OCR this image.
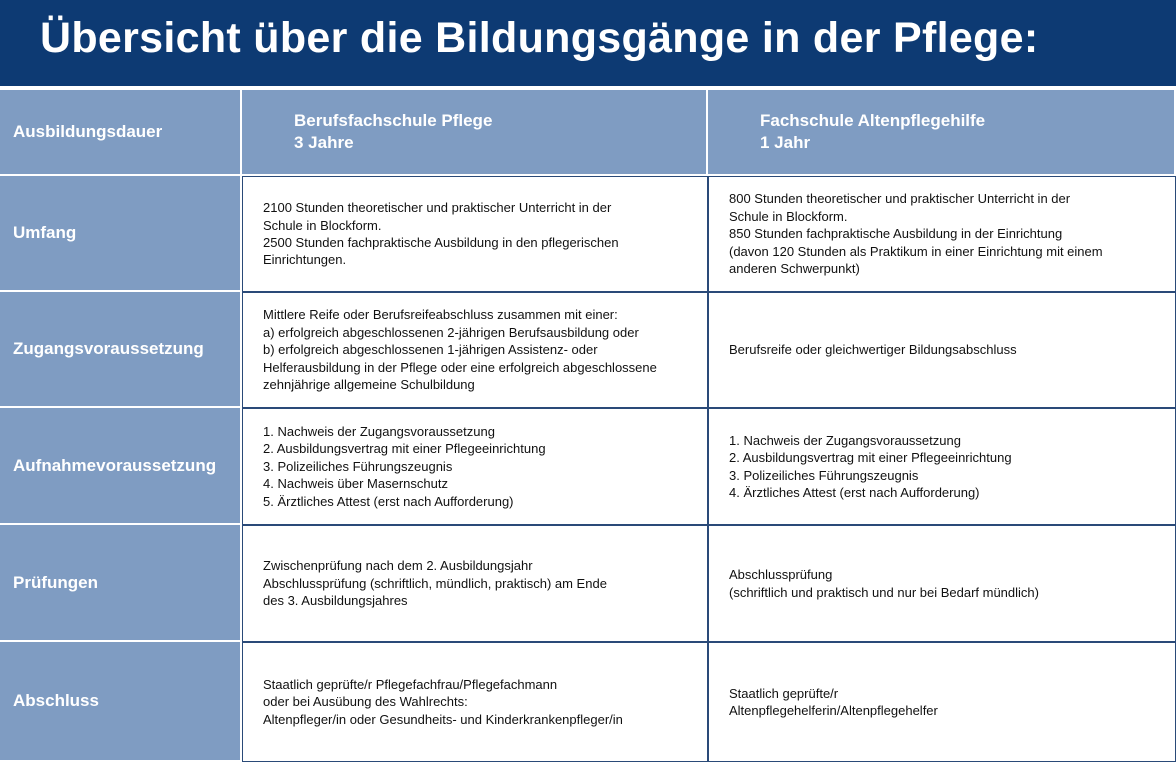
Übersicht über die Bildungsgänge in der Pflege:
Ausbildungsdauer
Berufsfachschule Pflege
3 Jahre
Fachschule Altenpflegehilfe
1 Jahr
Umfang
2100 Stunden theoretischer und praktischer Unterricht in der
Schule in Blockform.
2500 Stunden fachpraktische Ausbildung in den pflegerischen
Einrichtungen.
800 Stunden theoretischer und praktischer Unterricht in der
Schule in Blockform.
850 Stunden fachpraktische Ausbildung in der Einrichtung
(davon 120 Stunden als Praktikum in einer Einrichtung mit einem
anderen Schwerpunkt)
Zugangsvoraussetzung
Mittlere Reife oder Berufsreifeabschluss zusammen mit einer:
a) erfolgreich abgeschlossenen 2-jährigen Berufsausbildung oder
b) erfolgreich abgeschlossenen 1-jährigen Assistenz- oder
Helferausbildung in der Pflege oder eine erfolgreich abgeschlossene
zehnjährige allgemeine Schulbildung
Berufsreife oder gleichwertiger Bildungsabschluss
Aufnahmevoraussetzung
1. Nachweis der Zugangsvoraussetzung
2. Ausbildungsvertrag mit einer Pflegeeinrichtung
3. Polizeiliches Führungszeugnis
4. Nachweis über Masernschutz
5. Ärztliches Attest (erst nach Aufforderung)
1. Nachweis der Zugangsvoraussetzung
2. Ausbildungsvertrag mit einer Pflegeeinrichtung
3. Polizeiliches Führungszeugnis
4. Ärztliches Attest (erst nach Aufforderung)
Prüfungen
Zwischenprüfung nach dem 2. Ausbildungsjahr
Abschlussprüfung (schriftlich, mündlich, praktisch) am Ende
des 3. Ausbildungsjahres
Abschlussprüfung
(schriftlich und praktisch und nur bei Bedarf mündlich)
Abschluss
Staatlich geprüfte/r Pflegefachfrau/Pflegefachmann
oder bei Ausübung des Wahlrechts:
Altenpfleger/in oder Gesundheits- und Kinderkrankenpfleger/in
Staatlich geprüfte/r
Altenpflegehelferin/Altenpflegehelfer
